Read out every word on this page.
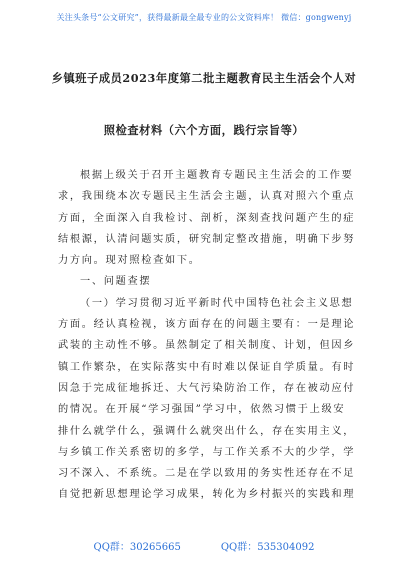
关注头条号“公文研究”，获得最新最全最专业的公文资料库！ 微信：gongwenyj
乡镇班子成员2023年度第二批主题教育民主生活会个人对
照检查材料（六个方面，践行宗旨等）
根据上级关于召开主题教育专题民主生活会的工作要
求，我围绕本次专题民主生活会主题，认真对照六个重点
方面，全面深入自我检讨、剖析，深刻查找问题产生的症
结根源，认清问题实质，研究制定整改措施，明确下步努
力方向。现对照检查如下。
一、问题查摆
（一）学习贯彻习近平新时代中国特色社会主义思想
方面。经认真检视，该方面存在的问题主要有：一是理论
武装的主动性不够。虽然制定了相关制度、计划，但因乡
镇工作繁杂，在实际落实中有时难以保证自学质量。有时
因急于完成征地拆迁、大气污染防治工作，存在被动应付
的情况。在开展“学习强国”学习中，依然习惯于上级安
排什么就学什么，强调什么就突出什么，存在实用主义，
与乡镇工作关系密切的多学，与工作关系不大的少学，学
习不深入、不系统。二是在学以致用的务实性还存在不足
自觉把新思想理论学习成果，转化为乡村振兴的实践和理
QQ群：30265665	QQ群：535304092
